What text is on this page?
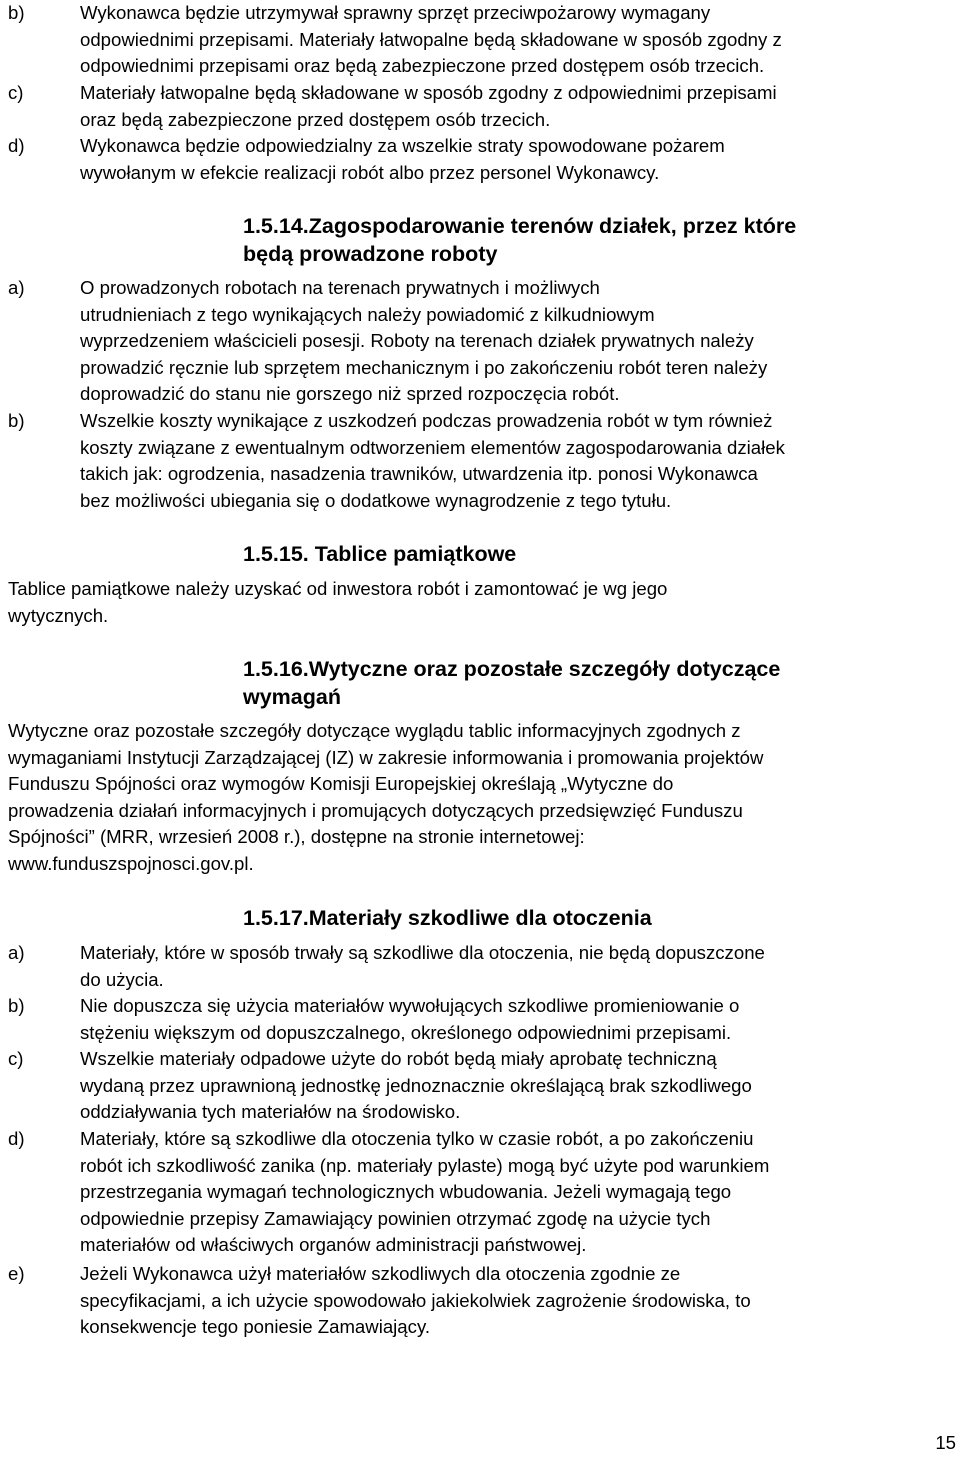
b)	Wykonawca będzie utrzymywał sprawny sprzęt przeciwpożarowy wymagany
odpowiednimi przepisami. Materiały łatwopalne będą składowane w sposób zgodny z
odpowiednimi przepisami oraz będą zabezpieczone przed dostępem osób trzecich.
c)	Materiały łatwopalne będą składowane w sposób zgodny z odpowiednimi przepisami
oraz będą zabezpieczone przed dostępem osób trzecich.
d)	Wykonawca będzie odpowiedzialny za wszelkie straty spowodowane pożarem
wywołanym w efekcie realizacji robót albo przez personel Wykonawcy.
1.5.14.Zagospodarowanie terenów działek, przez które
będą prowadzone roboty
a)	O prowadzonych robotach na terenach prywatnych i możliwych
utrudnieniach z tego wynikających należy powiadomić z kilkudniowym
wyprzedzeniem właścicieli posesji. Roboty na terenach działek prywatnych należy
prowadzić ręcznie lub sprzętem mechanicznym i po zakończeniu robót teren należy
doprowadzić do stanu nie gorszego niż sprzed rozpoczęcia robót.
b)	Wszelkie koszty wynikające z uszkodzeń podczas prowadzenia robót w tym również
koszty związane z ewentualnym odtworzeniem elementów zagospodarowania działek
takich jak: ogrodzenia, nasadzenia trawników, utwardzenia itp. ponosi Wykonawca
bez możliwości ubiegania się o dodatkowe wynagrodzenie z tego tytułu.
1.5.15. Tablice pamiątkowe
Tablice pamiątkowe należy uzyskać od inwestora robót i zamontować je wg jego
wytycznych.
1.5.16.Wytyczne oraz pozostałe szczegóły dotyczące
wymagań
Wytyczne oraz pozostałe szczegóły dotyczące wyglądu tablic informacyjnych zgodnych z
wymaganiami Instytucji Zarządzającej (IZ) w zakresie informowania i promowania projektów
Funduszu Spójności oraz wymogów Komisji Europejskiej określają „Wytyczne do
prowadzenia działań informacyjnych i promujących dotyczących przedsięwzięć Funduszu
Spójności” (MRR, wrzesień 2008 r.), dostępne na stronie internetowej:
www.funduszspojnosci.gov.pl.
1.5.17.Materiały szkodliwe dla otoczenia
a)	Materiały, które w sposób trwały są szkodliwe dla otoczenia, nie będą dopuszczone
do użycia.
b)	Nie dopuszcza się użycia materiałów wywołujących szkodliwe promieniowanie o
stężeniu większym od dopuszczalnego, określonego odpowiednimi przepisami.
c)	Wszelkie materiały odpadowe użyte do robót będą miały aprobatę techniczną
wydaną przez uprawnioną jednostkę jednoznacznie określającą brak szkodliwego
oddziaływania tych materiałów na środowisko.
d)	Materiały, które są szkodliwe dla otoczenia tylko w czasie robót, a po zakończeniu
robót ich szkodliwość zanika (np. materiały pylaste) mogą być użyte pod warunkiem
przestrzegania wymagań technologicznych wbudowania. Jeżeli wymagają tego
odpowiednie przepisy Zamawiający powinien otrzymać zgodę na użycie tych
materiałów od właściwych organów administracji państwowej.
e)	Jeżeli Wykonawca użył materiałów szkodliwych dla otoczenia zgodnie ze
specyfikacjami, a ich użycie spowodowało jakiekolwiek zagrożenie środowiska, to
konsekwencje tego poniesie Zamawiający.
15
